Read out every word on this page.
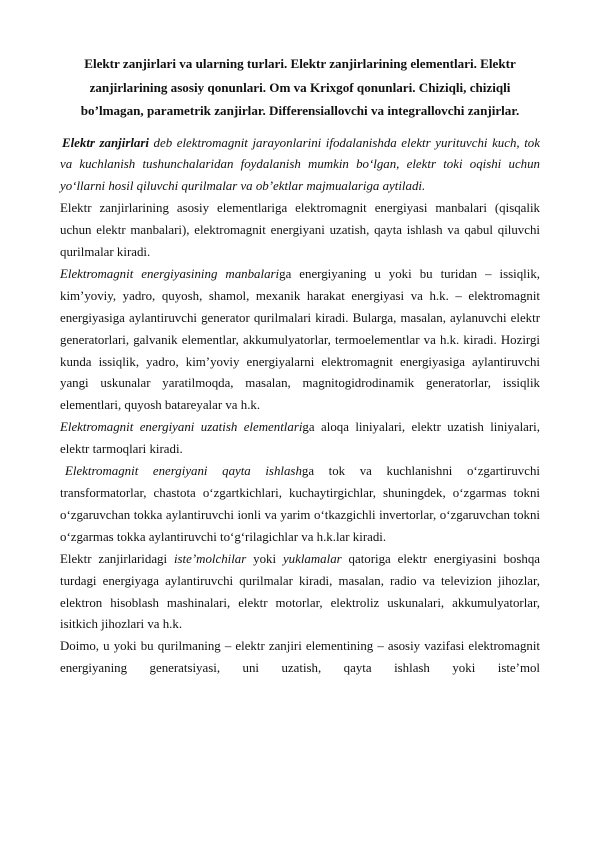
Elektr zanjirlari va ularning turlari. Elektr zanjirlarining elementlari. Elektr zanjirlarining asosiy qonunlari. Om va Krixgof qonunlari. Chiziqli, chiziqli bo’lmagan, parametrik zanjirlar. Differensiallovchi va integrallovchi zanjirlar.

Elektr zanjirlari deb elektromagnit jarayonlarini ifodalanishda elektr yurituvchi kuch, tok va kuchlanish tushunchalaridan foydalanish mumkin bo‘lgan, elektr toki oqishi uchun yo‘llarni hosil qiluvchi qurilmalar va ob’ektlar majmualariga aytiladi.

Elektr zanjirlarining asosiy elementlariga elektromagnit energiyasi manbalari (qisqalik uchun elektr manbalari), elektromagnit energiyani uzatish, qayta ishlash va qabul qiluvchi qurilmalar kiradi.

Elektromagnit energiyasining manbalariga energiyaning u yoki bu turidan – issiqlik, kim’yoviy, yadro, quyosh, shamol, mexanik harakat energiyasi va h.k. – elektromagnit energiyasiga aylantiruvchi generator qurilmalari kiradi. Bularga, masalan, aylanuvchi elektr generatorlari, galvanik elementlar, akkumulyatorlar, termoelementlar va h.k. kiradi. Hozirgi kunda issiqlik, yadro, kim’yoviy energiyalarni elektromagnit energiyasiga aylantiruvchi yangi uskunalar yaratilmoqda, masalan, magnitogidrodinamik generatorlar, issiqlik elementlari, quyosh batareyalar va h.k.

Elektromagnit energiyani uzatish elementlariga aloqa liniyalari, elektr uzatish liniyalari, elektr tarmoqlari kiradi.

Elektromagnit energiyani qayta ishlashga tok va kuchlanishni o‘zgartiruvchi transformatorlar, chastota o‘zgartkichlari, kuchaytirgichlar, shuningdek, o‘zgarmas tokni o‘zgaruvchan tokka aylantiruvchi ionli va yarim o‘tkazgichli invertorlar, o‘zgaruvchan tokni o‘zgarmas tokka aylantiruvchi to‘g‘rilagichlar va h.k.lar kiradi.

Elektr zanjirlaridagi iste’molchilar yoki yuklamalar qatoriga elektr energiyasini boshqa turdagi energiyaga aylantiruvchi qurilmalar kiradi, masalan, radio va televizion jihozlar, elektron hisoblash mashinalari, elektr motorlar, elektroliz uskunalari, akkumulyatorlar, isitkich jihozlari va h.k.

Doimo, u yoki bu qurilmaning – elektr zanjiri elementining – asosiy vazifasi elektromagnit energiyaning generatsiyasi, uni uzatish, qayta ishlash yoki iste’mol
